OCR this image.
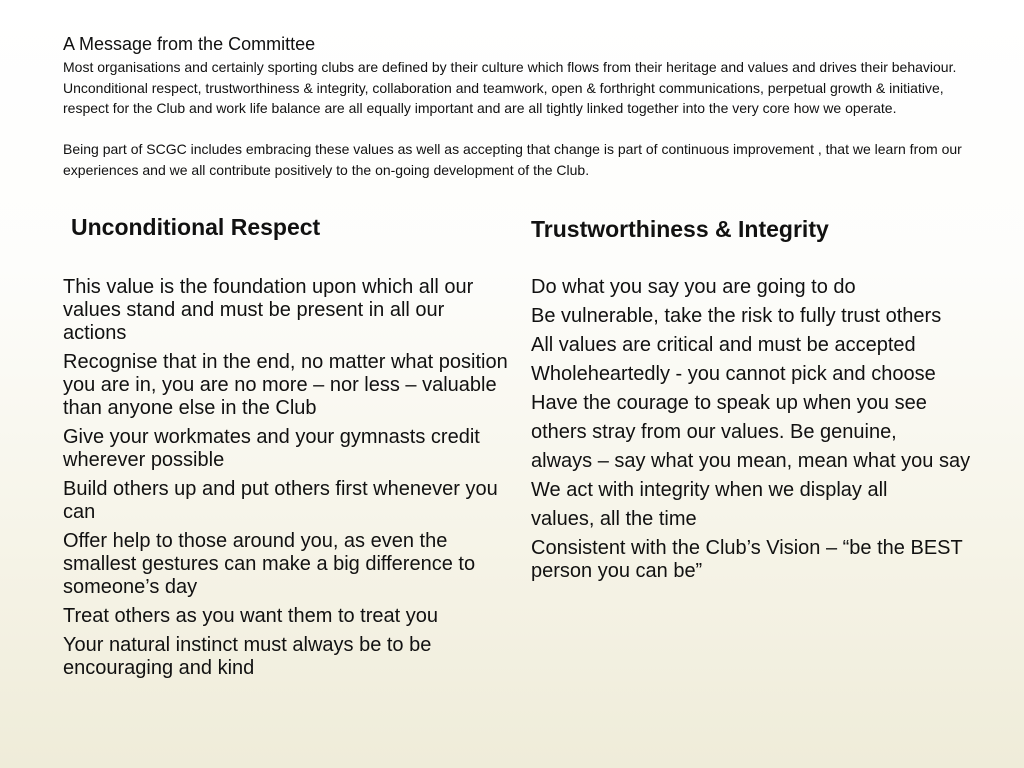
A Message from the Committee

Most organisations and certainly sporting clubs are defined by their culture which flows from their heritage and values and drives their behaviour. Unconditional respect, trustworthiness & integrity, collaboration and teamwork, open & forthright communications, perpetual growth & initiative, respect for the Club and work life balance are all equally important and are all tightly linked together into the very core how we operate.

Being part of SCGC includes embracing these values as well as accepting that change is part of continuous improvement , that we learn from our experiences and we all contribute positively to the on-going development of the Club.

Unconditional Respect
This value is the foundation upon which all our values stand and must be present in all our actions
Recognise that in the end, no matter what position you are in, you are no more – nor less – valuable than anyone else in the Club
Give your workmates and your gymnasts credit wherever possible
Build others up and put others first whenever you can
Offer help to those around you, as even the smallest gestures can make a big difference to someone’s day
Treat others as you want them to treat you
Your natural instinct must always be to be encouraging and kind
Trustworthiness & Integrity
Do what you say you are going to do
Be vulnerable, take the risk to fully trust others
All values are critical and must be accepted
Wholeheartedly - you cannot pick and choose
Have the courage to speak up when you see
others stray from our values. Be genuine,
always – say what you mean, mean what you say
We act with integrity when we display all
values, all the time
Consistent with the Club’s Vision – “be the BEST person you can be”
